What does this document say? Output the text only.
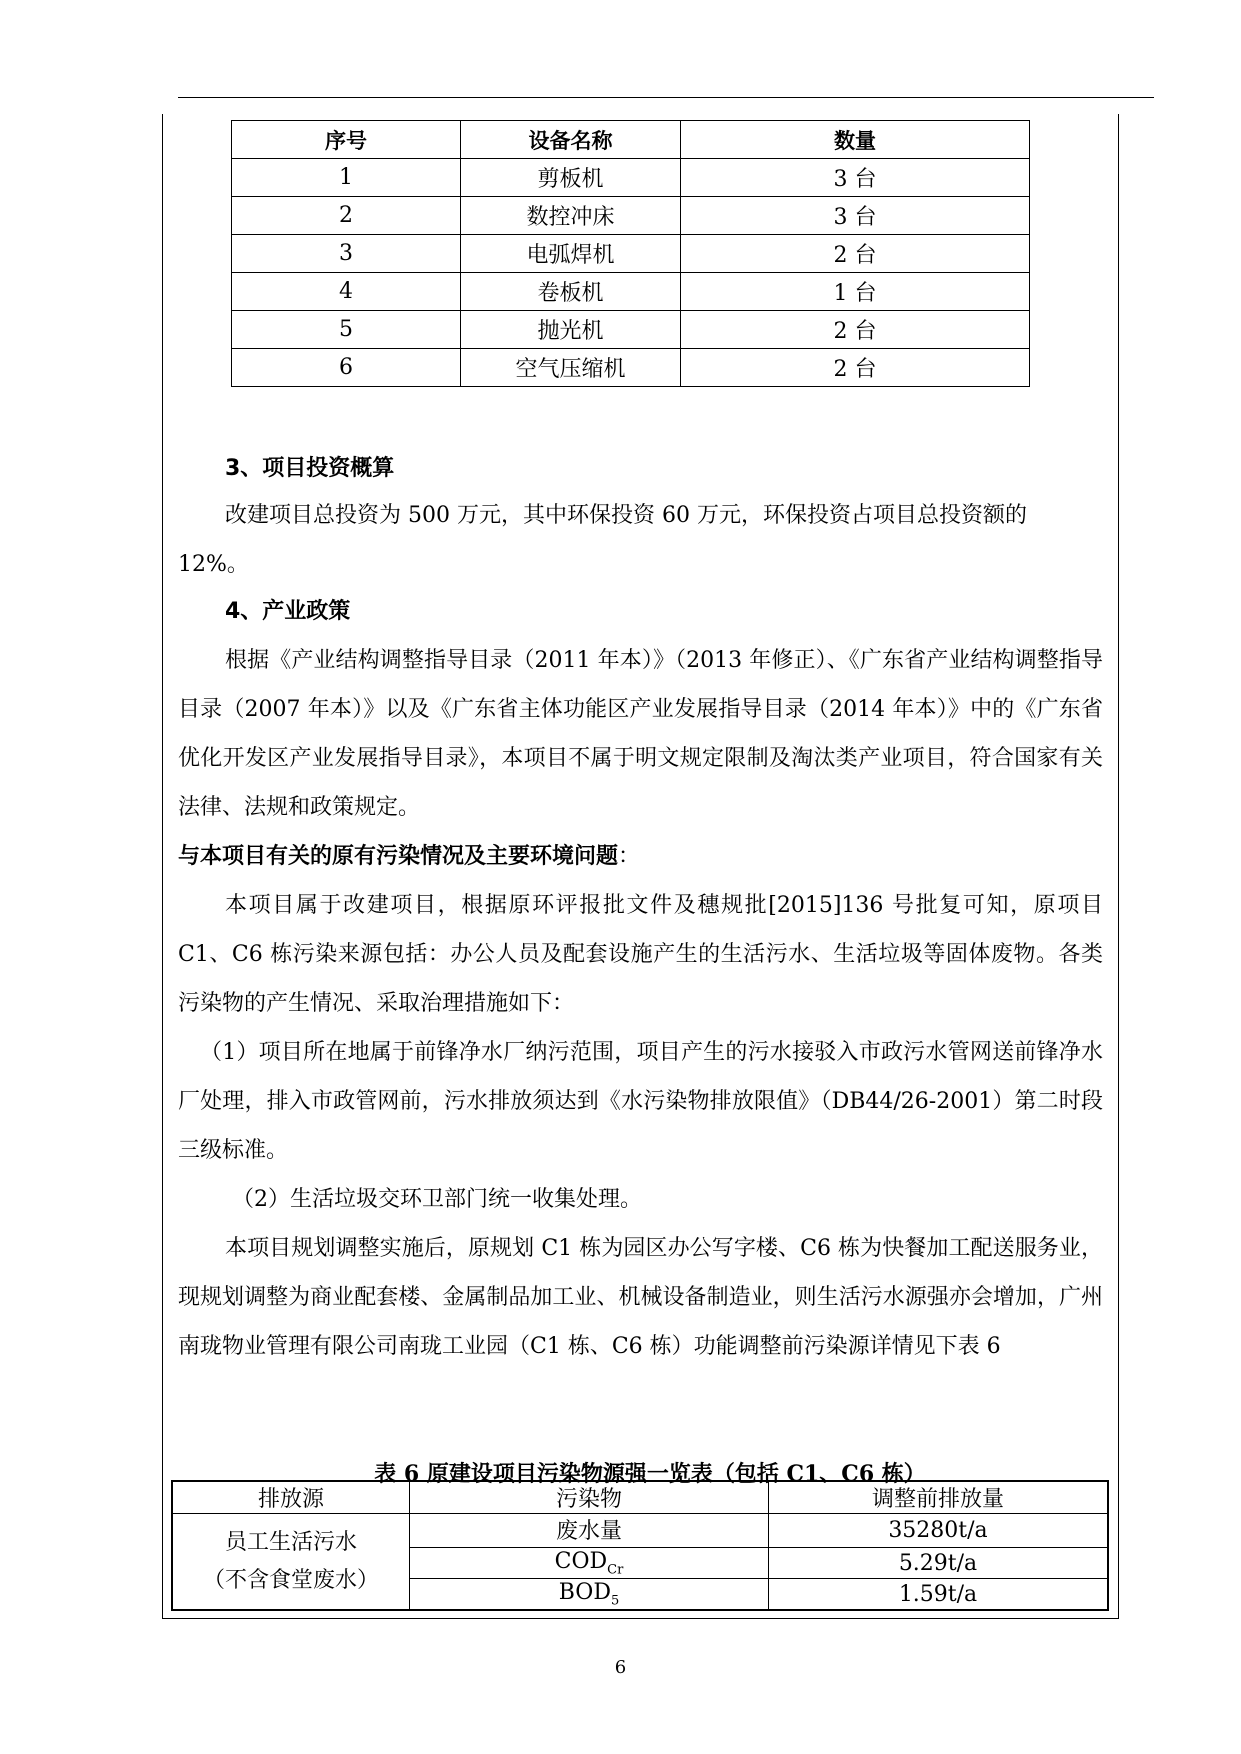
序号	设备名称	数量
1	剪板机	3 台
2	数控冲床	3 台
3	电弧焊机	2 台
4	卷板机	1 台
5	抛光机	2 台
6	空气压缩机	2 台
3、项目投资概算
改建项目总投资为 500 万元，其中环保投资 60 万元，环保投资占项目总投资额的
12%。
4、产业政策
根据《产业结构调整指导目录（2011 年本）》（2013 年修正）、《广东省产业结构调整指导目录（2007 年本）》以及《广东省主体功能区产业发展指导目录（2014 年本）》中的《广东省优化开发区产业发展指导目录》，本项目不属于明文规定限制及淘汰类产业项目，符合国家有关法律、法规和政策规定。
与本项目有关的原有污染情况及主要环境问题：
本项目属于改建项目，根据原环评报批文件及穗规批[2015]136 号批复可知，原项目 C1、C6 栋污染来源包括：办公人员及配套设施产生的生活污水、生活垃圾等固体废物。各类污染物的产生情况、采取治理措施如下：
（1）项目所在地属于前锋净水厂纳污范围，项目产生的污水接驳入市政污水管网送前锋净水厂处理，排入市政管网前，污水排放须达到《水污染物排放限值》（DB44/26-2001）第二时段三级标准。
（2）生活垃圾交环卫部门统一收集处理。
本项目规划调整实施后，原规划 C1 栋为园区办公写字楼、C6 栋为快餐加工配送服务业，现规划调整为商业配套楼、金属制品加工业、机械设备制造业，则生活污水源强亦会增加，广州南珑物业管理有限公司南珑工业园（C1 栋、C6 栋）功能调整前污染源详情见下表 6
表 6 原建设项目污染物源强一览表（包括 C1、C6 栋）
排放源	污染物	调整前排放量

员工生活污水
（不含食堂废水）	废水量	35280t/a
	$COD_{Cr}$	5.29t/a
	$BOD_5$	1.59t/a
6
